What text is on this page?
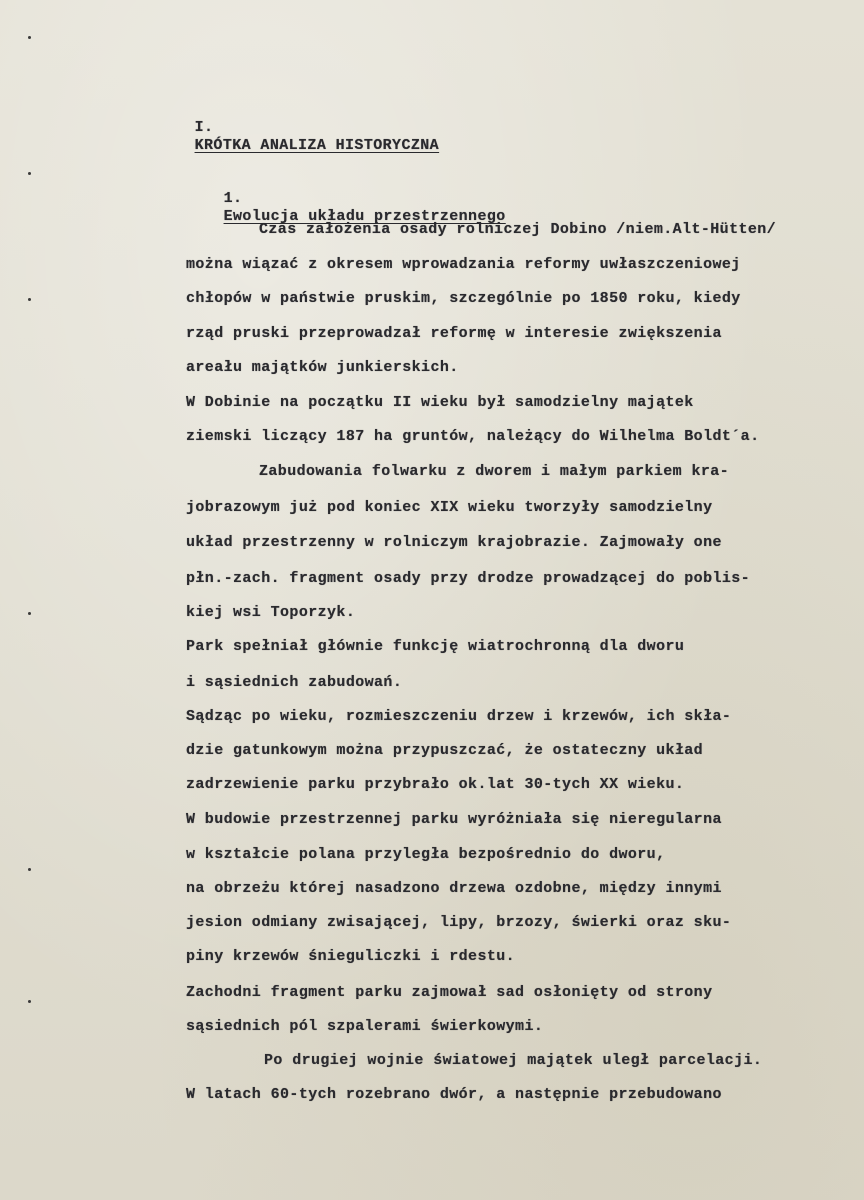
I.
KRÓTKA ANALIZA HISTORYCZNA

1.
Ewolucja układu przestrzennego

Czas założenia osady rolniczej Dobino /niem.Alt-Hütten/
można wiązać z okresem wprowadzania reformy uwłaszczeniowej
chłopów w państwie pruskim, szczególnie po 1850 roku, kiedy
rząd pruski przeprowadzał reformę w interesie zwiększenia
areału majątków junkierskich.
W Dobinie na początku II wieku był samodzielny majątek
ziemski liczący 187 ha gruntów, należący do Wilhelma Boldt´a.
Zabudowania folwarku z dworem i małym parkiem kra-
jobrazowym już pod koniec XIX wieku tworzyły samodzielny
układ przestrzenny w rolniczym krajobrazie. Zajmowały one
płn.-zach. fragment osady przy drodze prowadzącej do poblis-
kiej wsi Toporzyk.
Park spełniał głównie funkcję wiatrochronną dla dworu
i sąsiednich zabudowań.
Sądząc po wieku, rozmieszczeniu drzew i krzewów, ich skła-
dzie gatunkowym można przypuszczać, że ostateczny układ
zadrzewienie parku przybrało ok.lat 30-tych XX wieku.
W budowie przestrzennej parku wyróżniała się nieregularna
w kształcie polana przyległa bezpośrednio do dworu,
na obrzeżu której nasadzono drzewa ozdobne, między innymi
jesion odmiany zwisającej, lipy, brzozy, świerki oraz sku-
piny krzewów śnieguliczki i rdestu.
Zachodni fragment parku zajmował sad osłonięty od strony
sąsiednich pól szpalerami świerkowymi.
Po drugiej wojnie światowej majątek uległ parcelacji.
W latach 60-tych rozebrano dwór, a następnie przebudowano
